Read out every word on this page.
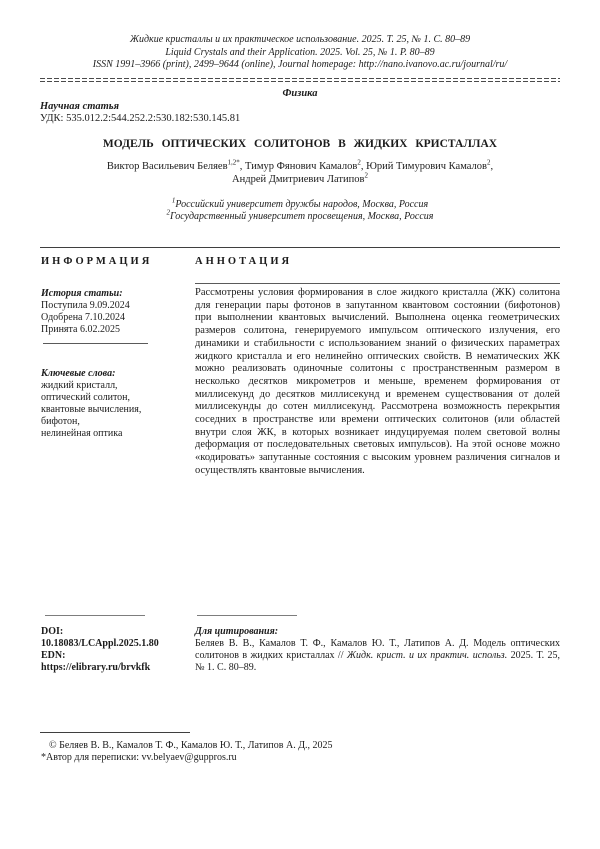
Жидкие кристаллы и их практическое использование. 2025. Т. 25, № 1. С. 80–89
Liquid Crystals and their Application. 2025. Vol. 25, № 1. P. 80–89
ISSN 1991–3966 (print), 2499–9644 (online), Journal homepage: http://nano.ivanovo.ac.ru/journal/ru/
Физика
Научная статья
УДК: 535.012.2:544.252.2:530.182:530.145.81
МОДЕЛЬ ОПТИЧЕСКИХ СОЛИТОНОВ В ЖИДКИХ КРИСТАЛЛАХ
Виктор Васильевич Беляев$^{1,2*}$, Тимур Фянович Камалов$^2$, Юрий Тимурович Камалов$^2$,
Андрей Дмитриевич Латипов$^2$
$^1$Российский университет дружбы народов, Москва, Россия
$^2$Государственный университет просвещения, Москва, Россия
ИНФОРМАЦИЯ	АННОТАЦИЯ
История статьи:
Поступила 9.09.2024
Одобрена 7.10.2024
Принята 6.02.2025
Ключевые слова:
жидкий кристалл,
оптический солитон,
квантовые вычисления,
бифотон,
нелинейная оптика
Рассмотрены условия формирования в слое жидкого кристалла (ЖК) солитона для генерации пары фотонов в запутанном квантовом состоянии (бифотонов) при выполнении квантовых вычислений. Выполнена оценка геометрических размеров солитона, генерируемого импульсом оптического излучения, его динамики и стабильности с использованием знаний о физических параметрах жидкого кристалла и его нелинейно оптических свойств. В нематических ЖК можно реализовать одиночные солитоны с пространственным размером в несколько десятков микрометров и меньше, временем формирования от миллисекунд до десятков миллисекунд и временем существования от долей миллисекунды до сотен миллисекунд. Рассмотрена возможность перекрытия соседних в пространстве или времени оптических солитонов (или областей внутри слоя ЖК, в которых возникает индуцируемая полем световой волны деформация от последовательных световых импульсов). На этой основе можно «кодировать» запутанные состояния с высоким уровнем различения сигналов и осуществлять квантовые вычисления.
DOI:
10.18083/LCAppl.2025.1.80
EDN:
https://elibrary.ru/brvkfk
Для цитирования:
Беляев В. В., Камалов Т. Ф., Камалов Ю. Т., Латипов А. Д. Модель оптических солитонов в жидких кристаллах // Жидк. крист. и их практич. использ. 2025. Т. 25, № 1. С. 80–89.
© Беляев В. В., Камалов Т. Ф., Камалов Ю. Т., Латипов А. Д., 2025
*Автор для переписки: vv.belyaev@guppros.ru
